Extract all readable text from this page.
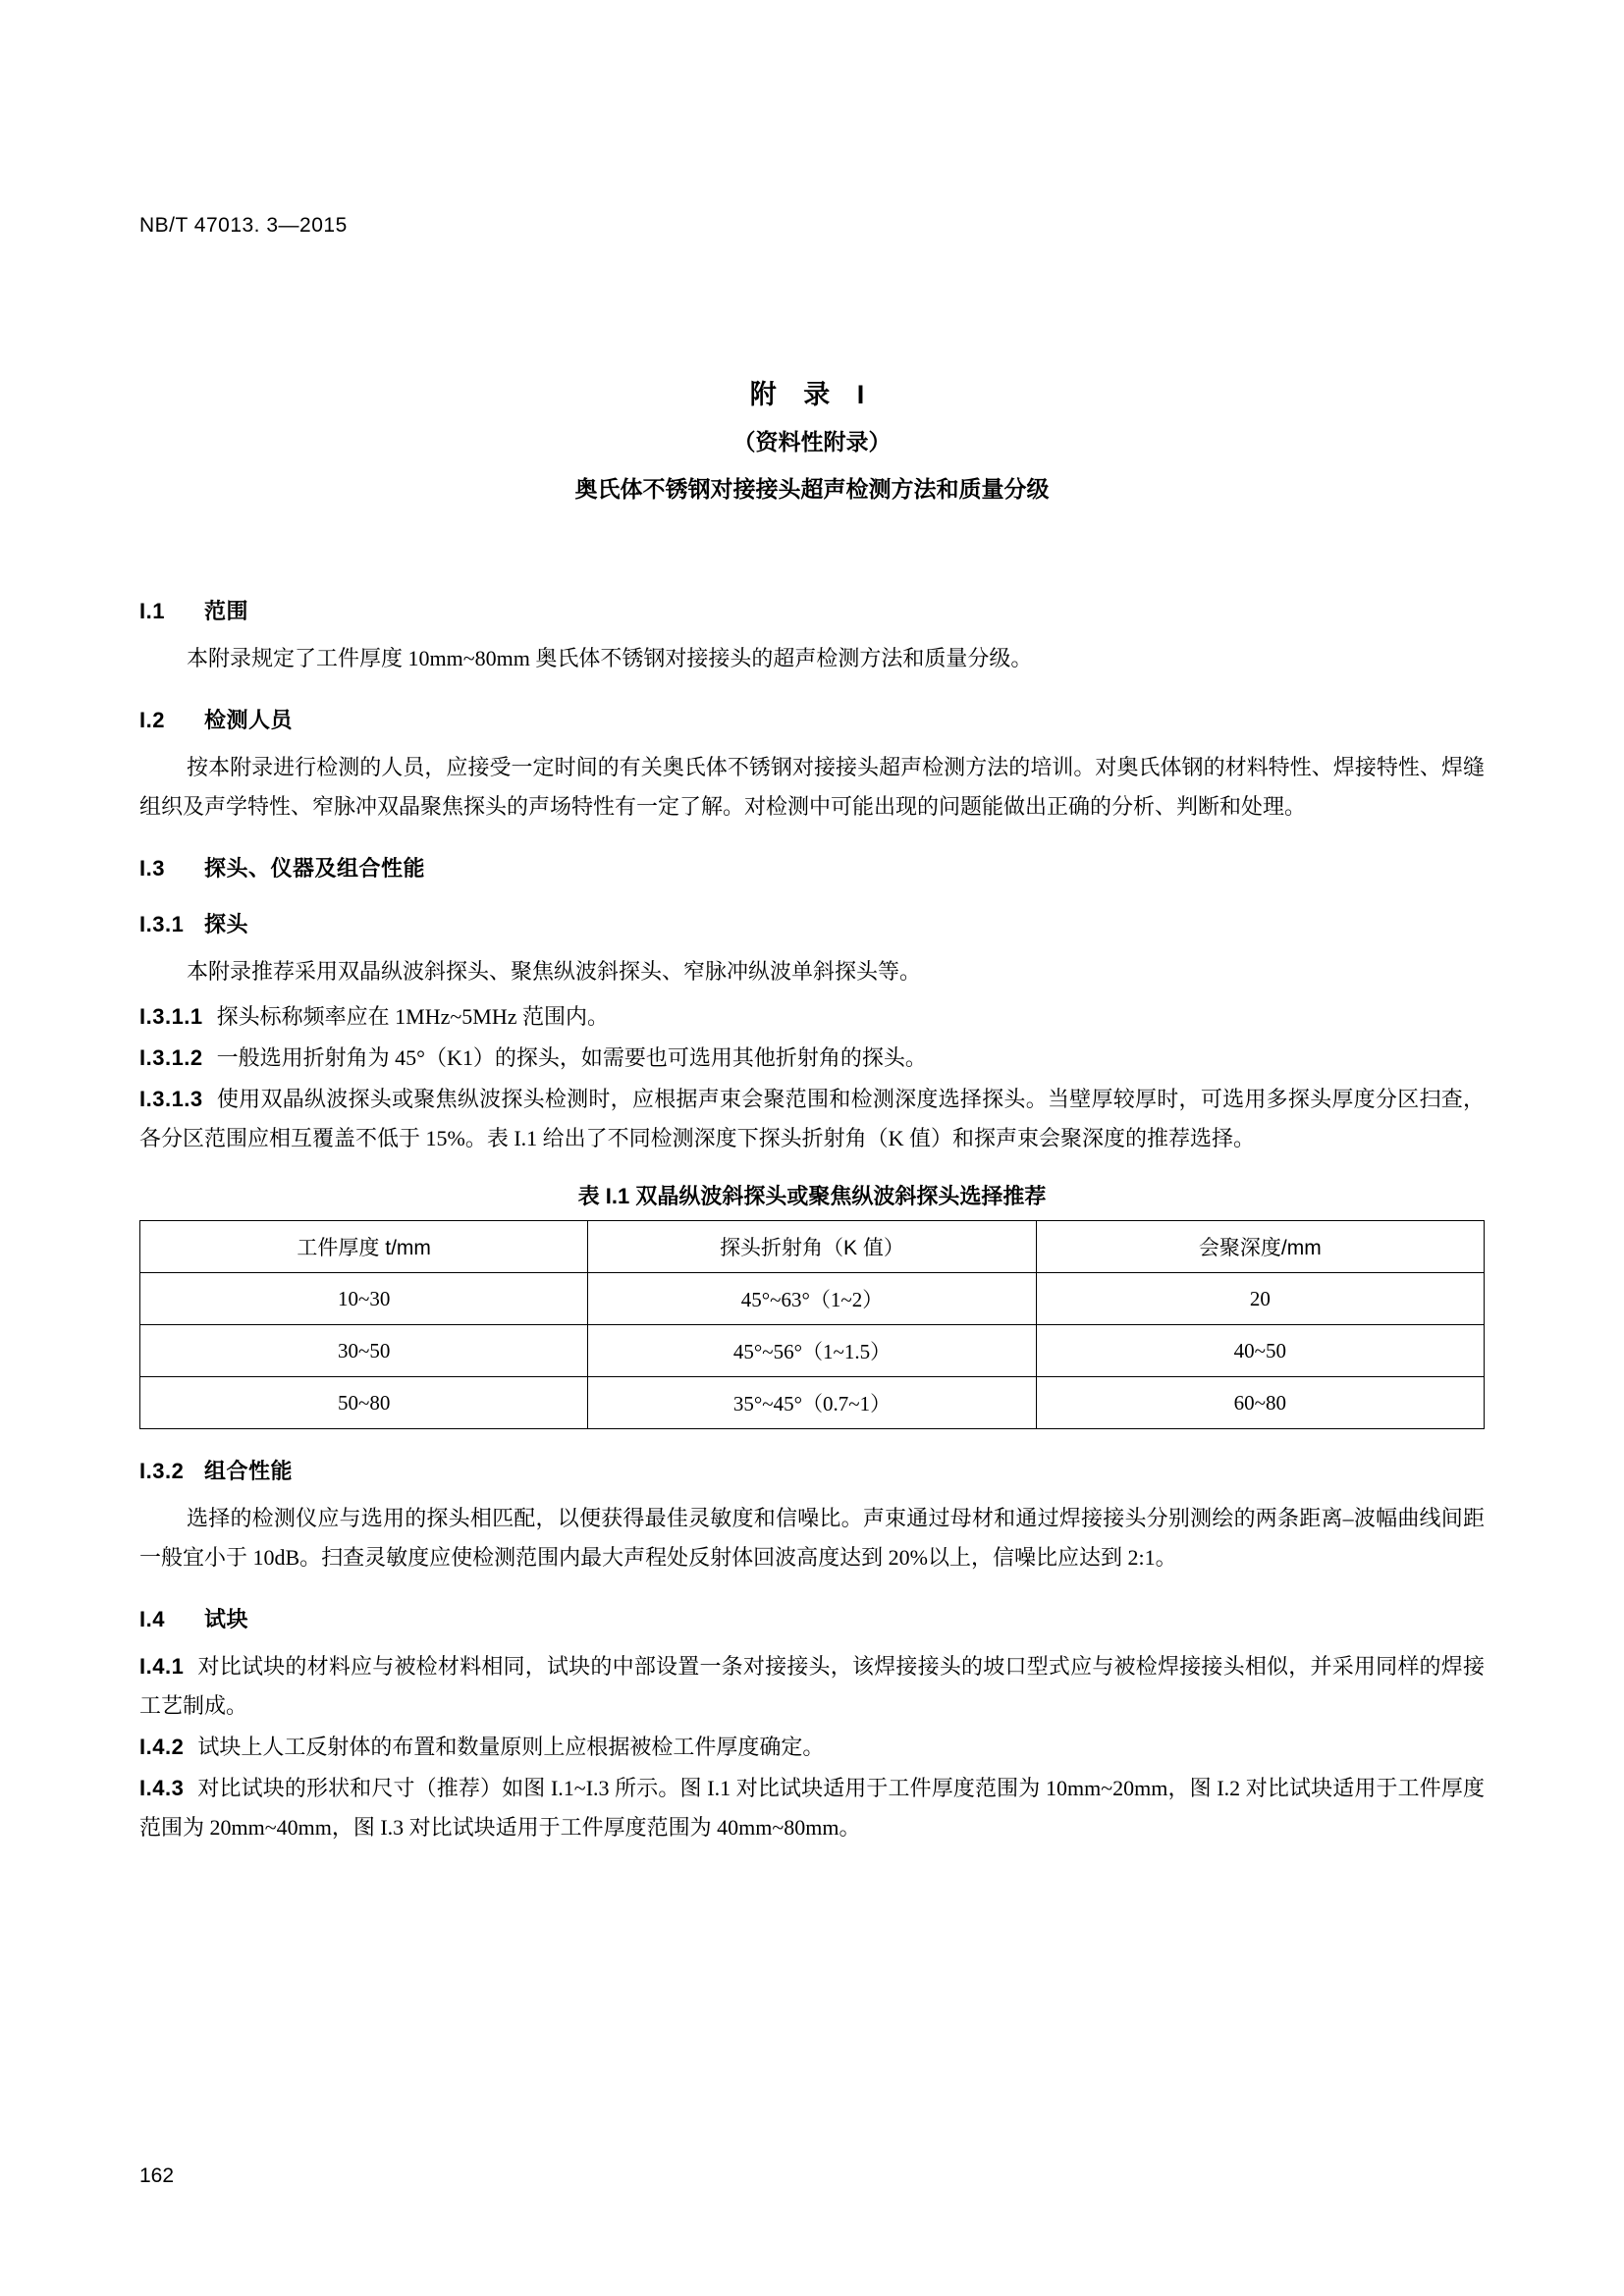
NB/T 47013. 3—2015
附 录 I
（资料性附录）
奥氏体不锈钢对接接头超声检测方法和质量分级
I.1 范围

本附录规定了工件厚度 10mm~80mm 奥氏体不锈钢对接接头的超声检测方法和质量分级。

I.2 检测人员

按本附录进行检测的人员，应接受一定时间的有关奥氏体不锈钢对接接头超声检测方法的培训。对奥氏体钢的材料特性、焊接特性、焊缝组织及声学特性、窄脉冲双晶聚焦探头的声场特性有一定了解。对检测中可能出现的问题能做出正确的分析、判断和处理。

I.3 探头、仪器及组合性能
I.3.1 探头

本附录推荐采用双晶纵波斜探头、聚焦纵波斜探头、窄脉冲纵波单斜探头等。

I.3.1.1 探头标称频率应在 1MHz~5MHz 范围内。

I.3.1.2 一般选用折射角为 45°（K1）的探头，如需要也可选用其他折射角的探头。

I.3.1.3 使用双晶纵波探头或聚焦纵波探头检测时，应根据声束会聚范围和检测深度选择探头。当壁厚较厚时，可选用多探头厚度分区扫查，各分区范围应相互覆盖不低于 15%。表 I.1 给出了不同检测深度下探头折射角（K 值）和探声束会聚深度的推荐选择。

表 I.1 双晶纵波斜探头或聚焦纵波斜探头选择推荐
工件厚度 t/mm	探头折射角（K 值）	会聚深度/mm
10~30	45°~63°（1~2）	20
30~50	45°~56°（1~1.5）	40~50
50~80	35°~45°（0.7~1）	60~80
I.3.2 组合性能

选择的检测仪应与选用的探头相匹配，以便获得最佳灵敏度和信噪比。声束通过母材和通过焊接接头分别测绘的两条距离–波幅曲线间距一般宜小于 10dB。扫查灵敏度应使检测范围内最大声程处反射体回波高度达到 20%以上，信噪比应达到 2:1。

I.4 试块

I.4.1 对比试块的材料应与被检材料相同，试块的中部设置一条对接接头，该焊接接头的坡口型式应与被检焊接接头相似，并采用同样的焊接工艺制成。

I.4.2 试块上人工反射体的布置和数量原则上应根据被检工件厚度确定。

I.4.3 对比试块的形状和尺寸（推荐）如图 I.1~I.3 所示。图 I.1 对比试块适用于工件厚度范围为 10mm~20mm，图 I.2 对比试块适用于工件厚度范围为 20mm~40mm，图 I.3 对比试块适用于工件厚度范围为 40mm~80mm。

162
